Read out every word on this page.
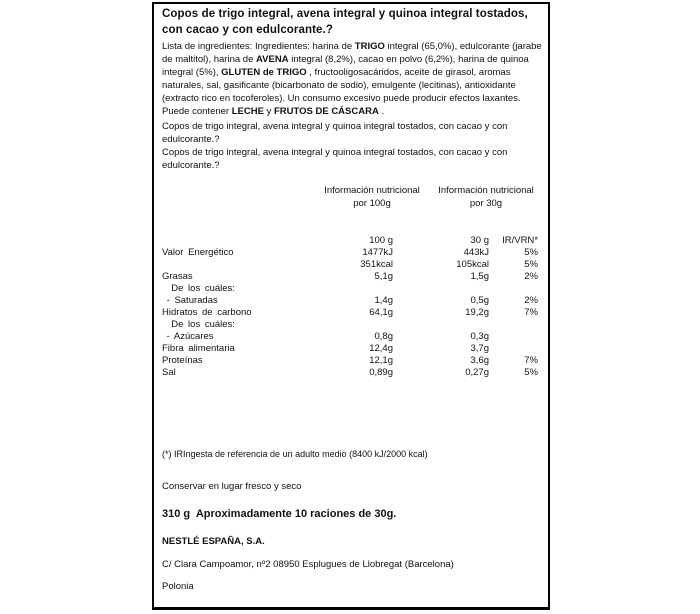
Copos de trigo integral, avena integral y quinoa integral tostados, con cacao y con edulcorante.?

Lista de ingredientes: Ingredientes: harina de TRIGO integral (65,0%), edulcorante (jarabe de maltitol), harina de AVENA integral (8,2%), cacao en polvo (6,2%), harina de quinoa integral (5%), GLUTEN de TRIGO , fructooligosacáridos, aceite de girasol, aromas naturales, sal, gasificante (bicarbonato de sodio), emulgente (lecitinas), antioxidante (extracto rico en tocoferoles). Un consumo excesivo puede producir efectos laxantes. Puede contener LECHE y FRUTOS DE CÁSCARA .

Copos de trigo integral, avena integral y quinoa integral tostados, con cacao y con edulcorante.?

Copos de trigo integral, avena integral y quinoa integral tostados, con cacao y con edulcorante.?

Información nutricional
por 100g
Información nutricional
por 30g
100 g	30 g	IR/VRN*
Valor Energético	1477kJ	443kJ	5%
351kcal	105kcal	5%
Grasas	5,1g	1,5g	2%
De los cuáles:
- Saturadas	1,4g	0,5g	2%
Hidratos de carbono	64,1g	19,2g	7%
De los cuáles:
- Azúcares	0,8g	0,3g
Fibra alimentaria	12,4g	3,7g
Proteínas	12,1g	3,6g	7%
Sal	0,89g	0,27g	5%

(*) IRIngesta de referencia de un adulto medio (8400 kJ/2000 kcal)

Conservar en lugar fresco y seco

310 g  Aproximadamente 10 raciones de 30g.

NESTLÉ ESPAÑA, S.A.

C/ Clara Campoamor, nº2 08950 Esplugues de Llobregat (Barcelona)

Polonia
